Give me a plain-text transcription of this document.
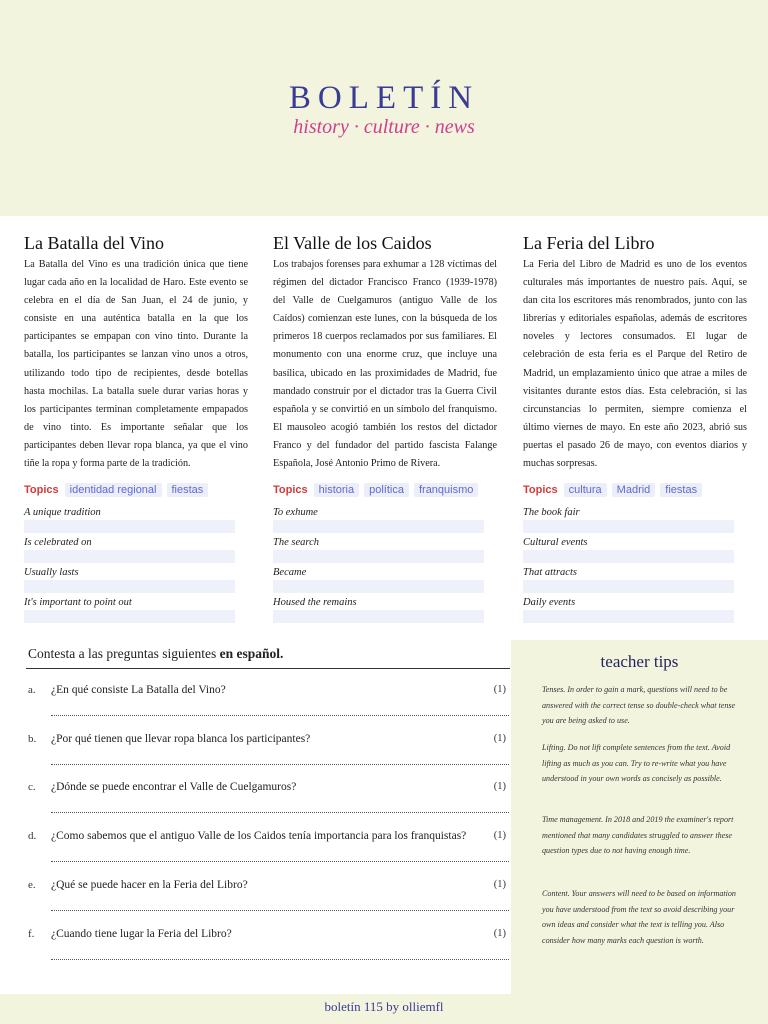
BOLETÍN
history · culture · news
La Batalla del Vino

La Batalla del Vino es una tradición única que tiene lugar cada año en la localidad de Haro. Este evento se celebra en el día de San Juan, el 24 de junio, y consiste en una auténtica batalla en la que los participantes se empapan con vino tinto. Durante la batalla, los participantes se lanzan vino unos a otros, utilizando todo tipo de recipientes, desde botellas hasta mochilas. La batalla suele durar varias horas y los participantes terminan completamente empapados de vino tinto. Es importante señalar que los participantes deben llevar ropa blanca, ya que el vino tiñe la ropa y forma parte de la tradición.

Topics	identidad regional	fiestas
A unique tradition
Is celebrated on
Usually lasts
It's important to point out
El Valle de los Caidos

Los trabajos forenses para exhumar a 128 víctimas del régimen del dictador Francisco Franco (1939-1978) del Valle de Cuelgamuros (antiguo Valle de los Caídos) comienzan este lunes, con la búsqueda de los primeros 18 cuerpos reclamados por sus familiares. El monumento con una enorme cruz, que incluye una basílica, ubicado en las proximidades de Madrid, fue mandado construir por el dictador tras la Guerra Civil española y se convirtió en un símbolo del franquismo. El mausoleo acogió también los restos del dictador Franco y del fundador del partido fascista Falange Española, José Antonio Primo de Rivera.

Topics	historia	política	franquismo
To exhume
The search
Became
Housed the remains
La Feria del Libro

La Feria del Libro de Madrid es uno de los eventos culturales más importantes de nuestro país. Aquí, se dan cita los escritores más renombrados, junto con las librerías y editoriales españolas, además de escritores noveles y lectores consumados. El lugar de celebración de esta feria es el Parque del Retiro de Madrid, un emplazamiento único que atrae a miles de visitantes durante estos días. Esta celebración, si las circunstancias lo permiten, siempre comienza el último viernes de mayo. En este año 2023, abrió sus puertas el pasado 26 de mayo, con eventos diarios y muchas sorpresas.

Topics	cultura	Madrid	fiestas
The book fair
Cultural events
That attracts
Daily events
Contesta a las preguntas siguientes en español.
a. ¿En qué consiste La Batalla del Vino?	(1)
b. ¿Por qué tienen que llevar ropa blanca los participantes?	(1)
c. ¿Dónde se puede encontrar el Valle de Cuelgamuros?	(1)
d. ¿Como sabemos que el antiguo Valle de los Caidos tenía importancia para los franquistas?	(1)
e. ¿Qué se puede hacer en la Feria del Libro?	(1)
f. ¿Cuando tiene lugar la Feria del Libro?	(1)
teacher tips
Tenses. In order to gain a mark, questions will need to be answered with the correct tense so double-check what tense you are being asked to use.
Lifting. Do not lift complete sentences from the text. Avoid lifting as much as you can. Try to re-write what you have understood in your own words as concisely as possible.
Time management. In 2018 and 2019 the examiner's report mentioned that many candidates struggled to answer these question types due to not having enough time.
Content. Your answers will need to be based on information you have understood from the text so avoid describing your own ideas and consider what the text is telling you. Also consider how many marks each question is worth.
boletín 115 by olliemfl
